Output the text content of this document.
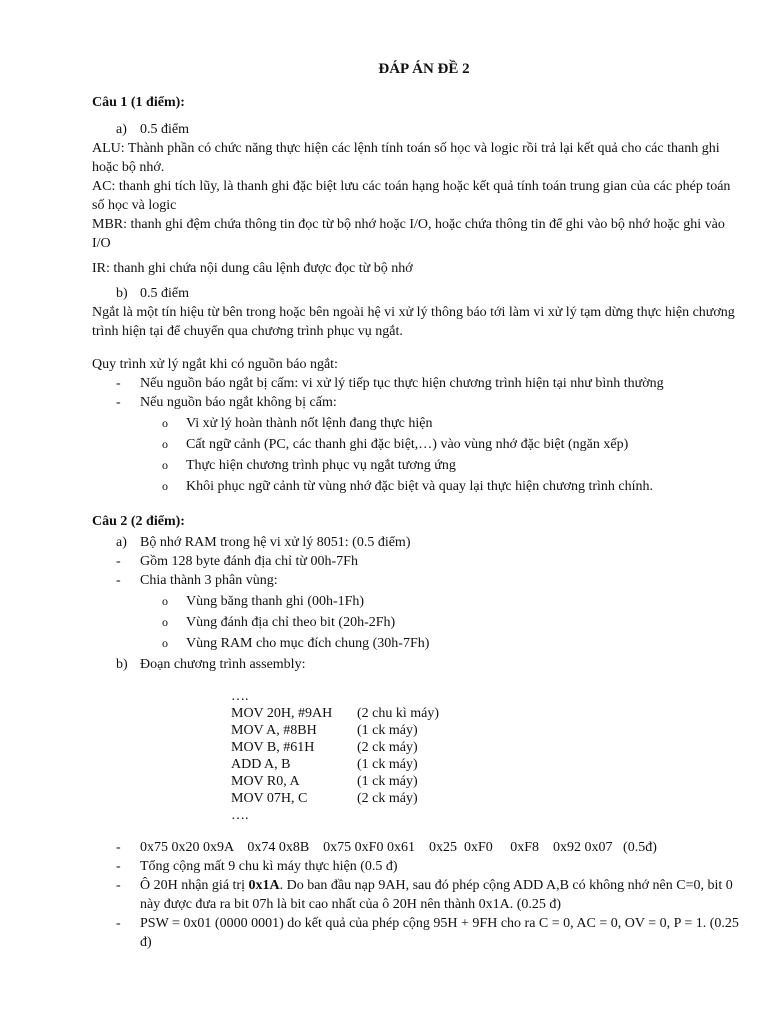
ĐÁP ÁN ĐỀ 2
Câu 1 (1 điểm):
a) 0.5 điểm

ALU: Thành phần có chức năng thực hiện các lệnh tính toán số học và logic rồi trả lại kết quả cho các thanh ghi hoặc bộ nhớ.

AC: thanh ghi tích lũy, là thanh ghi đặc biệt lưu các toán hạng hoặc kết quả tính toán trung gian của các phép toán số học và logic

MBR: thanh ghi đệm chứa thông tin đọc từ bộ nhớ hoặc I/O, hoặc chứa thông tin để ghi vào bộ nhớ hoặc ghi vào I/O

IR: thanh ghi chứa nội dung câu lệnh được đọc từ bộ nhớ

b) 0.5 điểm

Ngắt là một tín hiệu từ bên trong hoặc bên ngoài hệ vi xử lý thông báo tới làm vi xử lý tạm dừng thực hiện chương trình hiện tại để chuyển qua chương trình phục vụ ngắt.

Quy trình xử lý ngắt khi có nguồn báo ngắt:

- Nếu nguồn báo ngắt bị cấm: vi xử lý tiếp tục thực hiện chương trình hiện tại như bình thường
- Nếu nguồn báo ngắt không bị cấm:
o Vi xử lý hoàn thành nốt lệnh đang thực hiện
o Cất ngữ cảnh (PC, các thanh ghi đặc biệt,…) vào vùng nhớ đặc biệt (ngăn xếp)
o Thực hiện chương trình phục vụ ngắt tương ứng
o Khôi phục ngữ cảnh từ vùng nhớ đặc biệt và quay lại thực hiện chương trình chính.
Câu 2 (2 điểm):
a) Bộ nhớ RAM trong hệ vi xử lý 8051: (0.5 điểm)
- Gồm 128 byte đánh địa chỉ từ 00h-7Fh
- Chia thành 3 phân vùng:
o Vùng băng thanh ghi (00h-1Fh)
o Vùng đánh địa chỉ theo bit (20h-2Fh)
o Vùng RAM cho mục đích chung (30h-7Fh)
b) Đoạn chương trình assembly:
….
MOV 20H, #9AH	(2 chu kì máy)
MOV A, #8BH	(1 ck máy)
MOV B, #61H	(2 ck máy)
ADD A, B	(1 ck máy)
MOV R0, A	(1 ck máy)
MOV 07H, C	(2 ck máy)
….
- 0x75 0x20 0x9A    0x74 0x8B    0x75 0xF0 0x61    0x25  0xF0     0xF8    0x92 0x07   (0.5đ)
- Tổng cộng mất 9 chu kì máy thực hiện (0.5 đ)
- Ô 20H nhận giá trị 0x1A. Do ban đầu nạp 9AH, sau đó phép cộng ADD A,B có không nhớ nên C=0, bit 0 này được đưa ra bit 07h là bit cao nhất của ô 20H nên thành 0x1A. (0.25 đ)
- PSW = 0x01 (0000 0001) do kết quả của phép cộng 95H + 9FH cho ra C = 0, AC = 0, OV = 0, P = 1. (0.25 đ)
